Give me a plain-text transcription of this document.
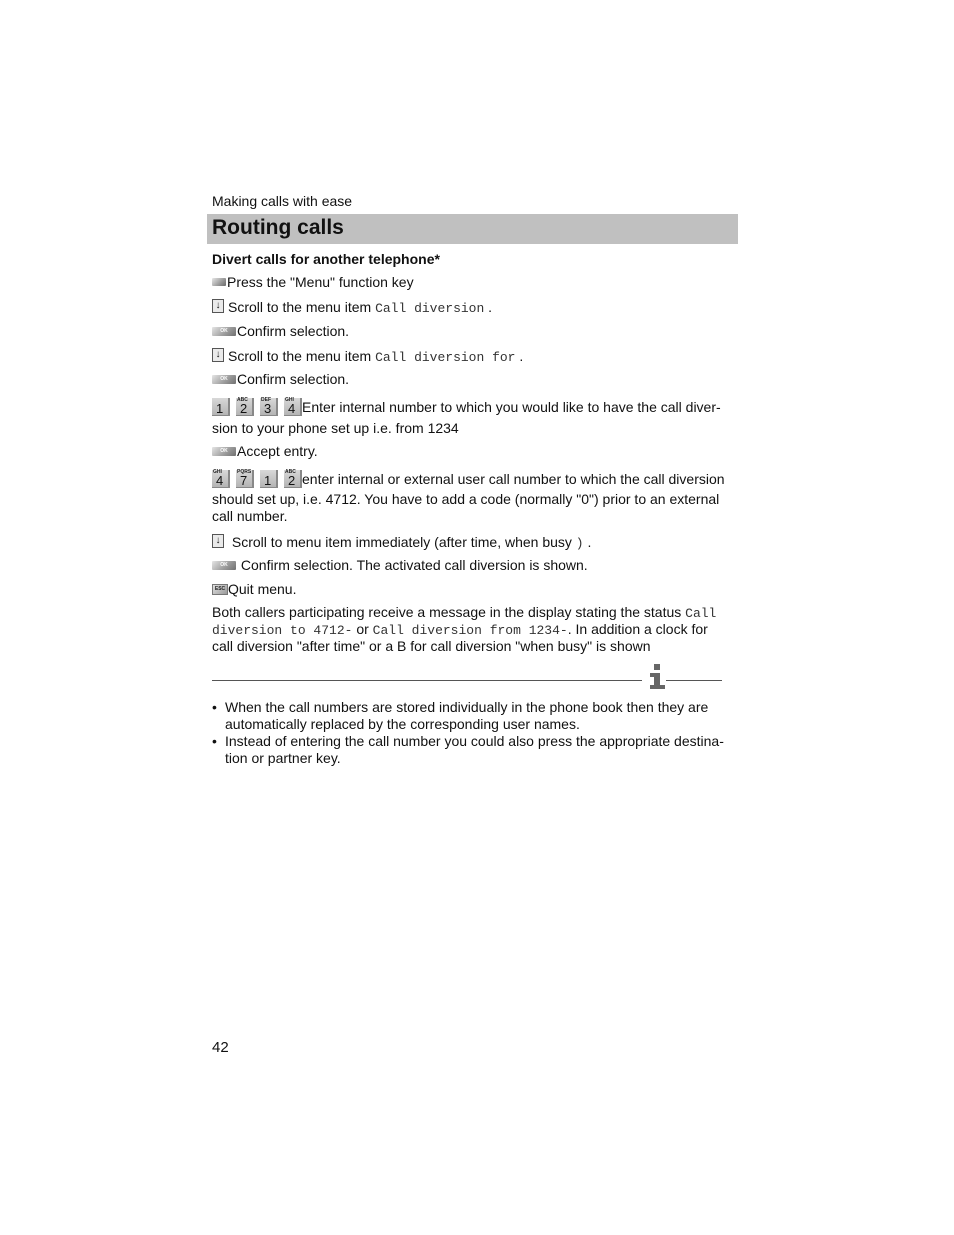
Making calls with ease
Routing calls
Divert calls for another telephone*
Press the "Menu" function key
↓ Scroll to the menu item Call diversion .
OK Confirm selection.
↓ Scroll to the menu item Call diversion for .
OK Confirm selection.
1
ABC
2
DEF
3
GHI
4 Enter internal number to which you would like to have the call diver-
sion to your phone set up i.e. from 1234
OK Accept entry.
GHI
4
PQRS
7 1
ABC
2 enter internal or external user call number to which the call diversion
should set up, i.e. 4712. You have to add a code (normally "0") prior to an external
call number.
↓ Scroll to menu item immediately (after time, when busy ) .
OK Confirm selection. The activated call diversion is shown.
ESC Quit menu.
Both callers participating receive a message in the display stating the status Call
diversion to 4712- or Call diversion from 1234-. In addition a clock for
call diversion "after time" or a B for call diversion "when busy" is shown
• When the call numbers are stored individually in the phone book then they are
automatically replaced by the corresponding user names.
• Instead of entering the call number you could also press the appropriate destina-
tion or partner key.
42
